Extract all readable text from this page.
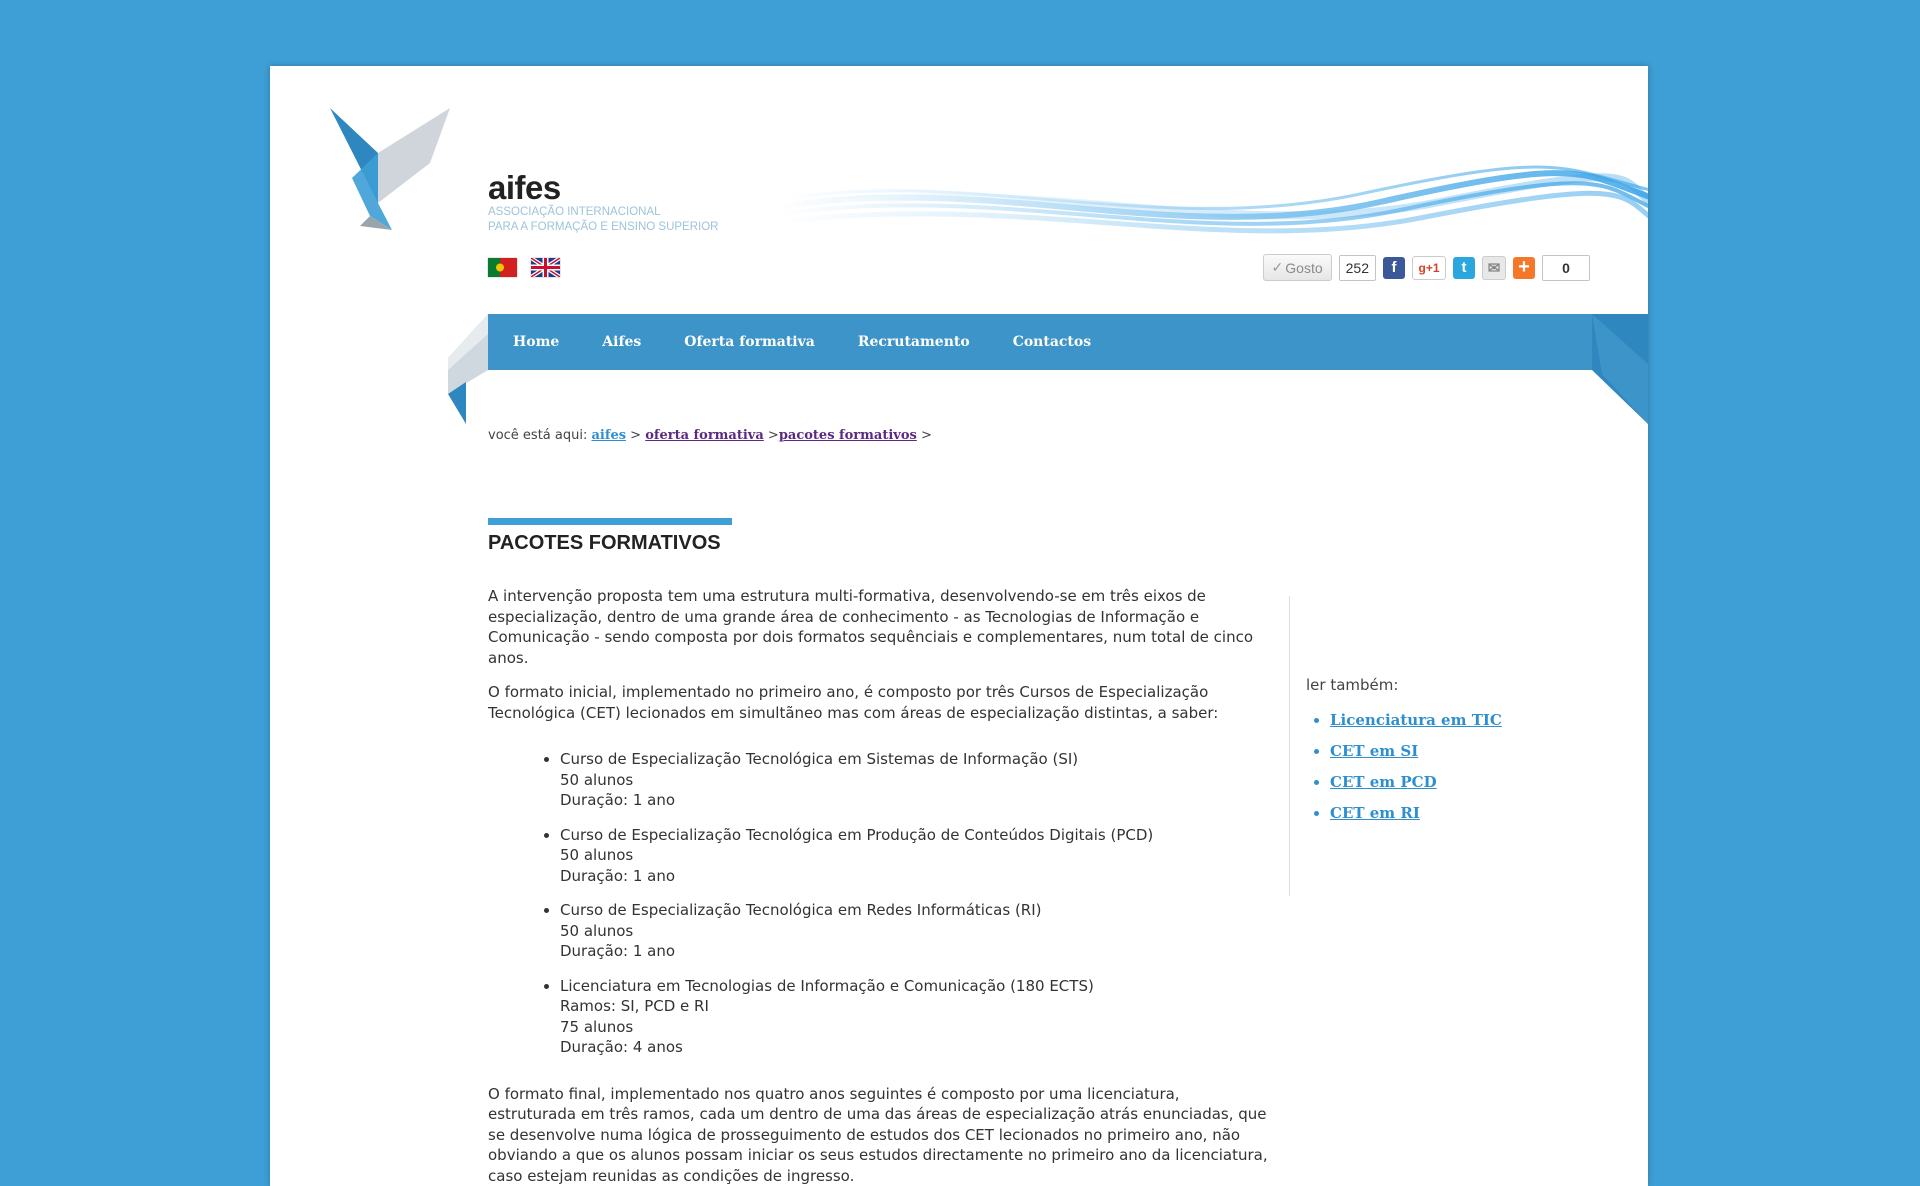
aifes
ASSOCIAÇÃO INTERNACIONAL
PARA A FORMAÇÃO E ENSINO SUPERIOR
✓ Gosto	252	f	g+1	t	✉ +	0
Home	Aifes	Oferta formativa	Recrutamento	Contactos
você está aqui: aifes > oferta formativa >pacotes formativos >
PACOTES FORMATIVOS

A intervenção proposta tem uma estrutura multi-formativa, desenvolvendo-se em três eixos de especialização, dentro de uma grande área de conhecimento - as Tecnologias de Informação e Comunicação - sendo composta por dois formatos sequênciais e complementares, num total de cinco anos.

O formato inicial, implementado no primeiro ano, é composto por três Cursos de Especialização Tecnológica (CET) lecionados em simultãneo mas com áreas de especialização distintas, a saber:

• Curso de Especialização Tecnológica em Sistemas de Informação (SI)
50 alunos
Duração: 1 ano
• Curso de Especialização Tecnológica em Produção de Conteúdos Digitais (PCD)
50 alunos
Duração: 1 ano
• Curso de Especialização Tecnológica em Redes Informáticas (RI)
50 alunos
Duração: 1 ano
• Licenciatura em Tecnologias de Informação e Comunicação (180 ECTS)
Ramos: SI, PCD e RI
75 alunos
Duração: 4 anos

O formato final, implementado nos quatro anos seguintes é composto por uma licenciatura, estruturada em três ramos, cada um dentro de uma das áreas de especialização atrás enunciadas, que se desenvolve numa lógica de prosseguimento de estudos dos CET lecionados no primeiro ano, não obviando a que os alunos possam iniciar os seus estudos directamente no primeiro ano da licenciatura, caso estejam reunidas as condições de ingresso.

ler também:
• Licenciatura em TIC
• CET em SI
• CET em PCD
• CET em RI
